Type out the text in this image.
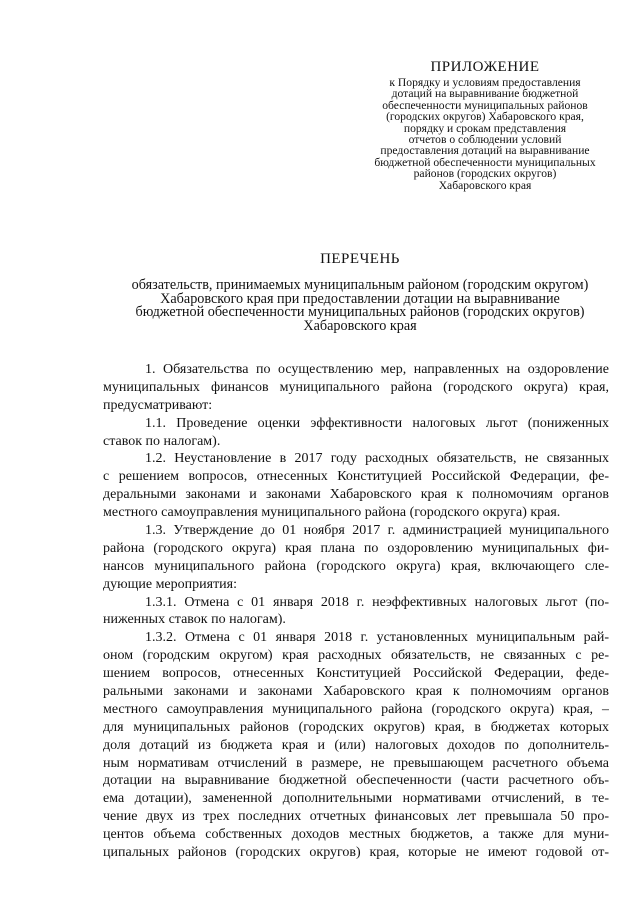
ПРИЛОЖЕНИЕ
к Порядку и условиям предоставления
дотаций на выравнивание бюджетной
обеспеченности муниципальных районов
(городских округов) Хабаровского края,
порядку и срокам представления
отчетов о соблюдении условий
предоставления дотаций на выравнивание
бюджетной обеспеченности муниципальных
районов (городских округов)
Хабаровского края
ПЕРЕЧЕНЬ
обязательств, принимаемых муниципальным районом (городским округом)
Хабаровского края при предоставлении дотации на выравнивание
бюджетной обеспеченности муниципальных районов (городских округов)
Хабаровского края
1. Обязательства по осуществлению мер, направленных на оздоровление
муниципальных финансов муниципального района (городского округа) края,
предусматривают:
1.1. Проведение оценки эффективности налоговых льгот (пониженных
ставок по налогам).
1.2. Неустановление в 2017 году расходных обязательств, не связанных
с решением вопросов, отнесенных Конституцией Российской Федерации, фе-
деральными законами и законами Хабаровского края к полномочиям органов
местного самоуправления муниципального района (городского округа) края.
1.3. Утверждение до 01 ноября 2017 г. администрацией муниципального
района (городского округа) края плана по оздоровлению муниципальных фи-
нансов муниципального района (городского округа) края, включающего сле-
дующие мероприятия:
1.3.1. Отмена с 01 января 2018 г. неэффективных налоговых льгот (по-
ниженных ставок по налогам).
1.3.2. Отмена с 01 января 2018 г. установленных муниципальным рай-
оном (городским округом) края расходных обязательств, не связанных с ре-
шением вопросов, отнесенных Конституцией Российской Федерации, феде-
ральными законами и законами Хабаровского края к полномочиям органов
местного самоуправления муниципального района (городского округа) края, –
для муниципальных районов (городских округов) края, в бюджетах которых
доля дотаций из бюджета края и (или) налоговых доходов по дополнитель-
ным нормативам отчислений в размере, не превышающем расчетного объема
дотации на выравнивание бюджетной обеспеченности (части расчетного объ-
ема дотации), замененной дополнительными нормативами отчислений, в те-
чение двух из трех последних отчетных финансовых лет превышала 50 про-
центов объема собственных доходов местных бюджетов, а также для муни-
ципальных районов (городских округов) края, которые не имеют годовой от-
